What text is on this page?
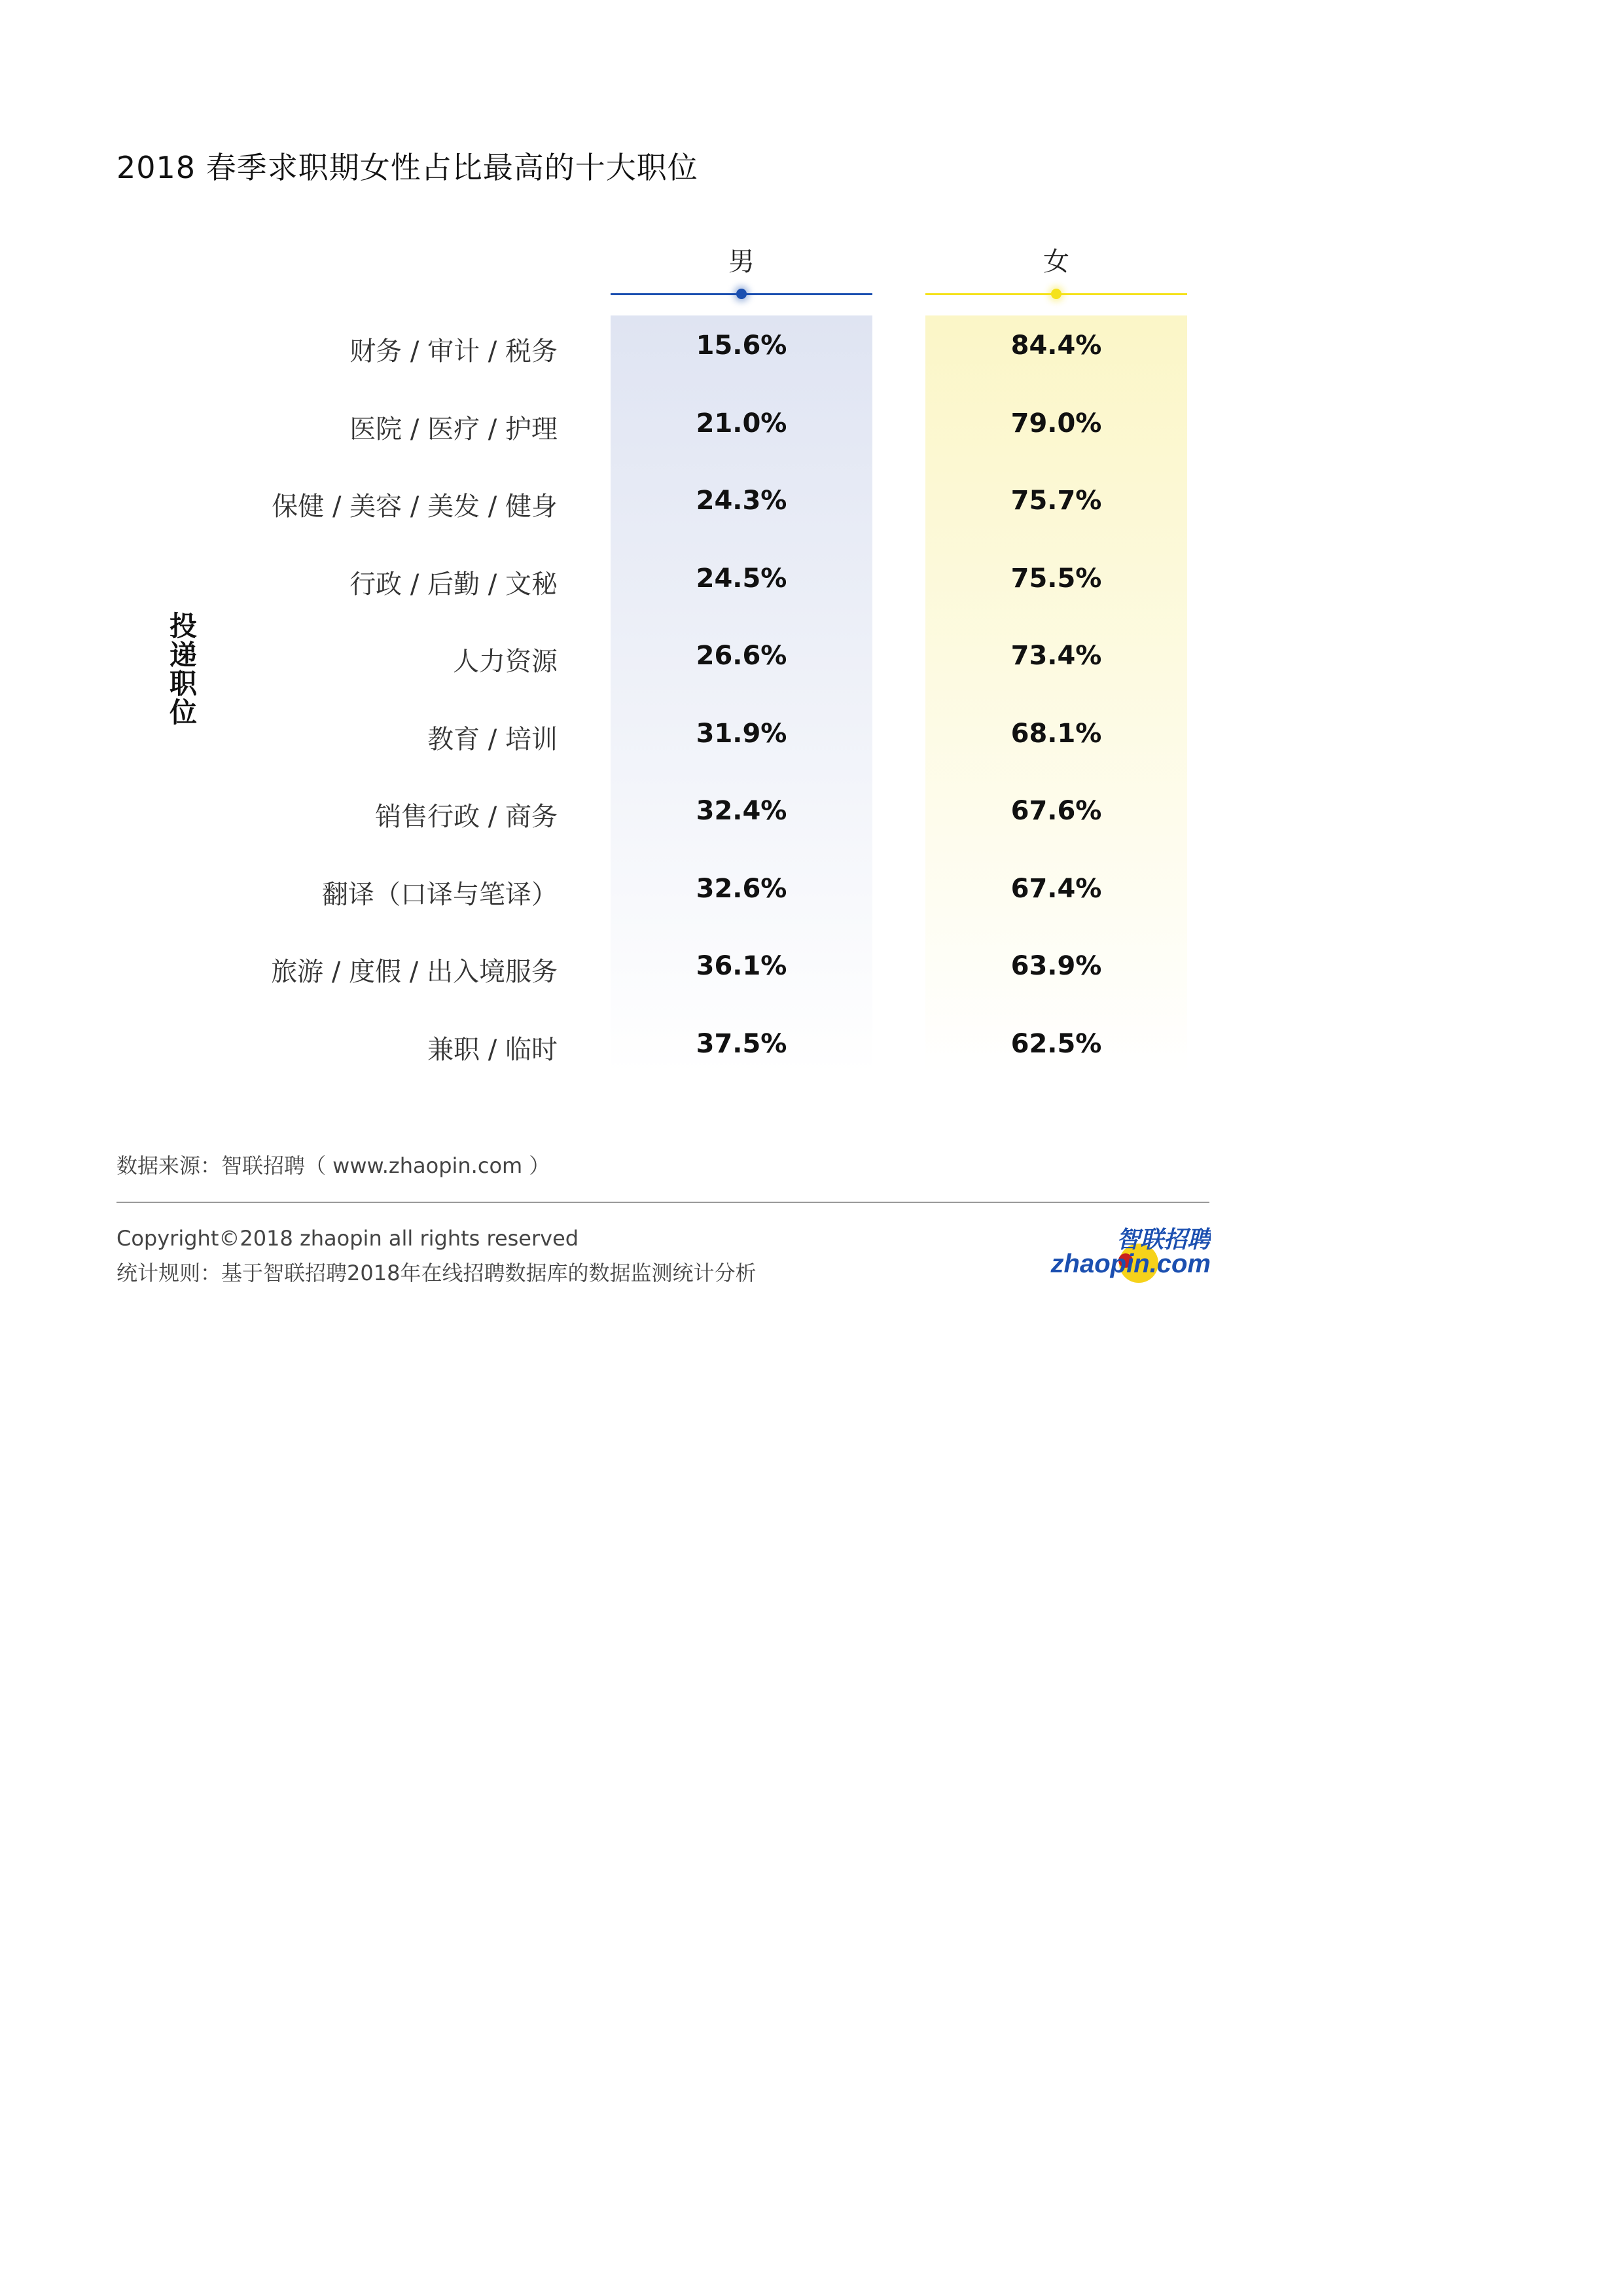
2018 春季求职期女性占比最高的十大职位
男	女
财务 / 审计 / 税务	15.6%	84.4%
医院 / 医疗 / 护理	21.0%	79.0%
保健 / 美容 / 美发 / 健身	24.3%	75.7%
行政 / 后勤 / 文秘	24.5%	75.5%
人力资源	26.6%	73.4%
教育 / 培训	31.9%	68.1%
销售行政 / 商务	32.4%	67.6%
翻译（口译与笔译）	32.6%	67.4%
旅游 / 度假 / 出入境服务	36.1%	63.9%
兼职 / 临时	37.5%	62.5%
投递职位
数据来源：智联招聘（ www.zhaopin.com ）
Copyright©2018 zhaopin all rights reserved
统计规则：基于智联招聘2018年在线招聘数据库的数据监测统计分析
智联招聘
zhaopin.com
